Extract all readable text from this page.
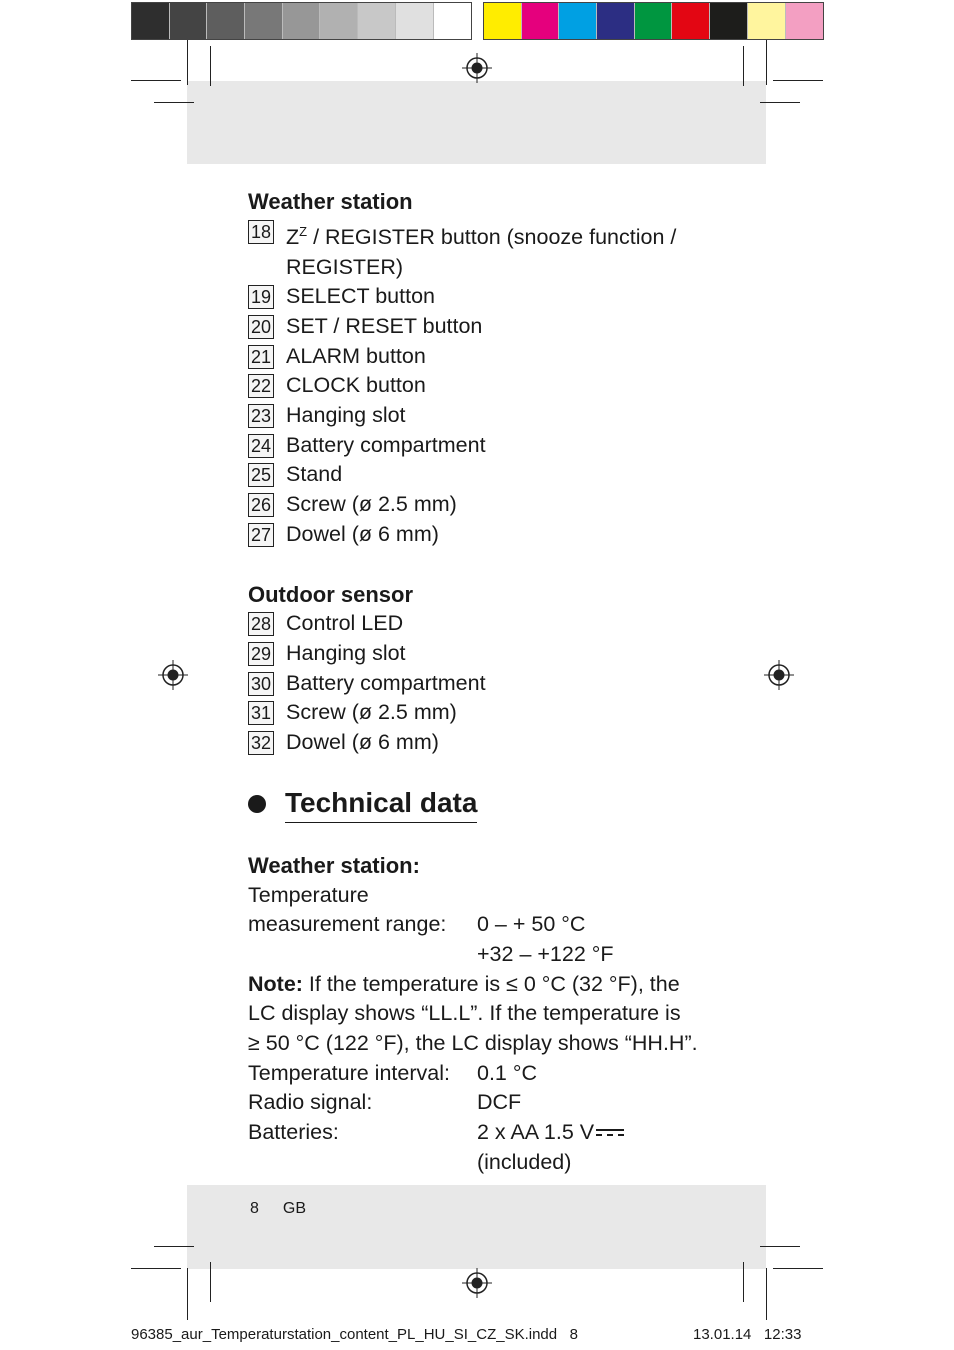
Weather station
18 $Z^Z$ / REGISTER button (snooze function / REGISTER)
19 SELECT button
20 SET / RESET button
21 ALARM button
22 CLOCK button
23 Hanging slot
24 Battery compartment
25 Stand
26 Screw (ø 2.5 mm)
27 Dowel (ø 6 mm)
Outdoor sensor
28 Control LED
29 Hanging slot
30 Battery compartment
31 Screw (ø 2.5 mm)
32 Dowel (ø 6 mm)
Technical data
Weather station:
Temperature
measurement range:	0 – + 50 °C
+32 – +122 °F
Note: If the temperature is ≤ 0 °C (32 °F), the LC display shows “LL.L”. If the temperature is ≥ 50 °C (122 °F), the LC display shows “HH.H”.
Temperature interval:	0.1 °C
Radio signal:	DCF
Batteries:	2 x AA 1.5 V
(included)
8 GB
96385_aur_Temperaturstation_content_PL_HU_SI_CZ_SK.indd   8	13.01.14   12:33
